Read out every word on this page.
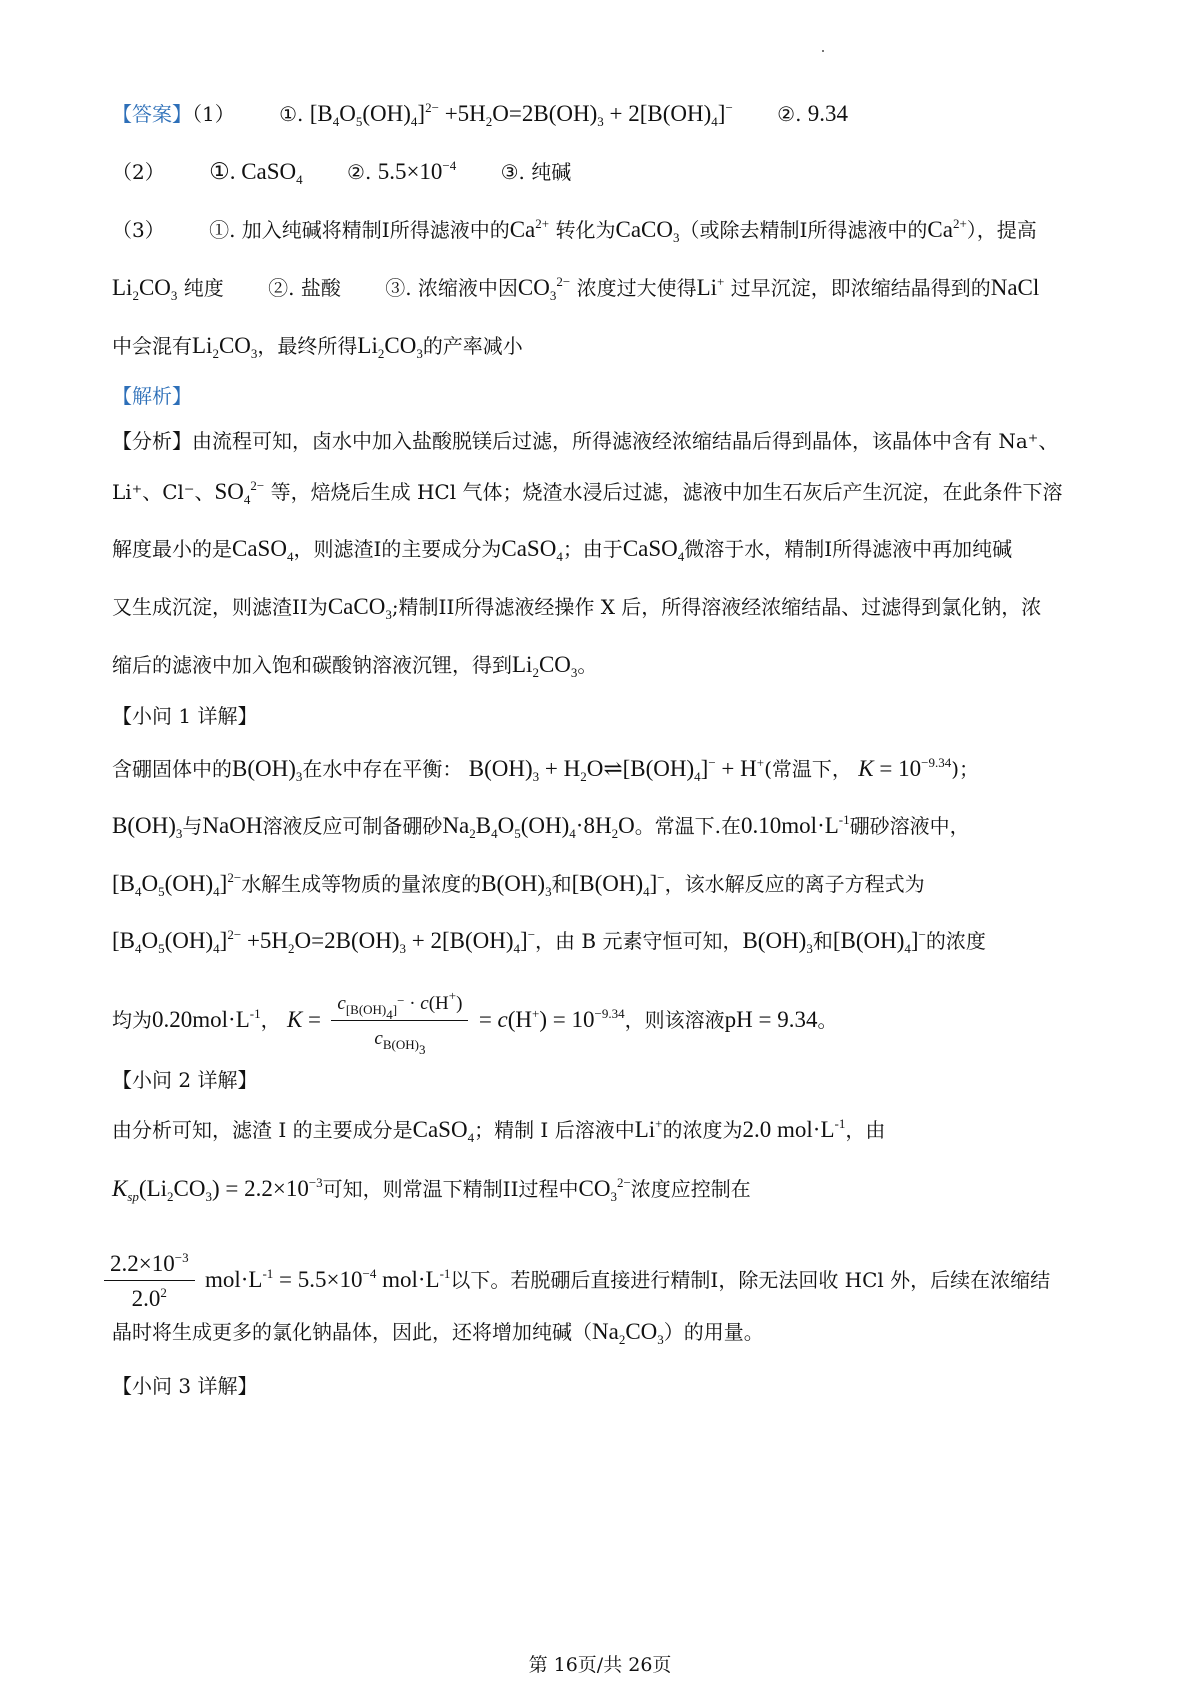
【答案】（1） ①. $[B_4O_5(OH)_4]^{2-} +5H_2O=2B(OH)_3 + 2[B(OH)_4]^-$ ②. 9.34
（2） ①. CaSO$_4$ ②. $5.5\times 10^{-4}$ ③. 纯碱
（3） ①. 加入纯碱将精制I所得滤液中的$Ca^{2+}$ 转化为CaCO$_3$（或除去精制I所得滤液中的$Ca^{2+}$），提高
$Li_2CO_3$ 纯度 ②. 盐酸 ③. 浓缩液中因$CO_3^{2-}$ 浓度过大使得Li+ 过早沉淀，即浓缩结晶得到的NaCl
中会混有$Li_2CO_3$，最终所得$Li_2CO_3$的产率减小
【解析】
【分析】由流程可知，卤水中加入盐酸脱镁后过滤，所得滤液经浓缩结晶后得到晶体，该晶体中含有 Na⁺、
Li⁺、Cl⁻、$SO_4^{2-}$ 等，焙烧后生成 HCl 气体；烧渣水浸后过滤，滤液中加生石灰后产生沉淀，在此条件下溶
解度最小的是CaSO$_4$，则滤渣I的主要成分为CaSO$_4$；由于CaSO$_4$微溶于水，精制I所得滤液中再加纯碱
又生成沉淀，则滤渣II为CaCO$_3$;精制II所得滤液经操作 X 后，所得溶液经浓缩结晶、过滤得到氯化钠，浓
缩后的滤液中加入饱和碳酸钠溶液沉锂，得到$Li_2CO_3$。
【小问 1 详解】
含硼固体中的$B(OH)_3$在水中存在平衡： $B(OH)_3$ + $H_2O\rightleftharpoons[B(OH)_4]^- + H^+$(常温下， $K = 10^{-9.34}$)；
$B(OH)_3$与NaOH溶液反应可制备硼砂$Na_2B_4O_5(OH)_4\cdot 8H_2O$。常温下.在$0.10mol\cdot L^{-1}$硼砂溶液中，
$[B_4O_5(OH)_4]^{2-}$水解生成等物质的量浓度的$B(OH)_3$和$[B(OH)_4]^-$，该水解反应的离子方程式为
$[B_4O_5(OH)_4]^{2-} +5H_2O=2B(OH)_3 + 2[B(OH)_4]^-$，由 B 元素守恒可知，$B(OH)_3$和$[B(OH)_4]^-$的浓度
均为$0.20mol\cdot L^{-1}$， $K = \frac{c_{[B(OH)_4]^-} \cdot c(H^+)}{c_{B(OH)_3}} = c(H^+) = 10^{-9.34}$，则该溶液pH = 9.34。
【小问 2 详解】
由分析可知，滤渣 I 的主要成分是CaSO$_4$；精制 I 后溶液中Li+的浓度为2.0 $mol\cdot L^{-1}$，由
$K_{sp}(Li_2CO_3) = 2.2\times 10^{-3}$可知，则常温下精制II过程中$CO_3^{2-}$浓度应控制在
$\frac{2.2\times 10^{-3}}{2.0^2} mol\cdot L^{-1} = 5.5\times 10^{-4}$ $mol\cdot L^{-1}$以下。若脱硼后直接进行精制I，除无法回收 HCl 外，后续在浓缩结
晶时将生成更多的氯化钠晶体，因此，还将增加纯碱$(Na_2CO_3)$的用量。
【小问 3 详解】
第 16页/共 26页
